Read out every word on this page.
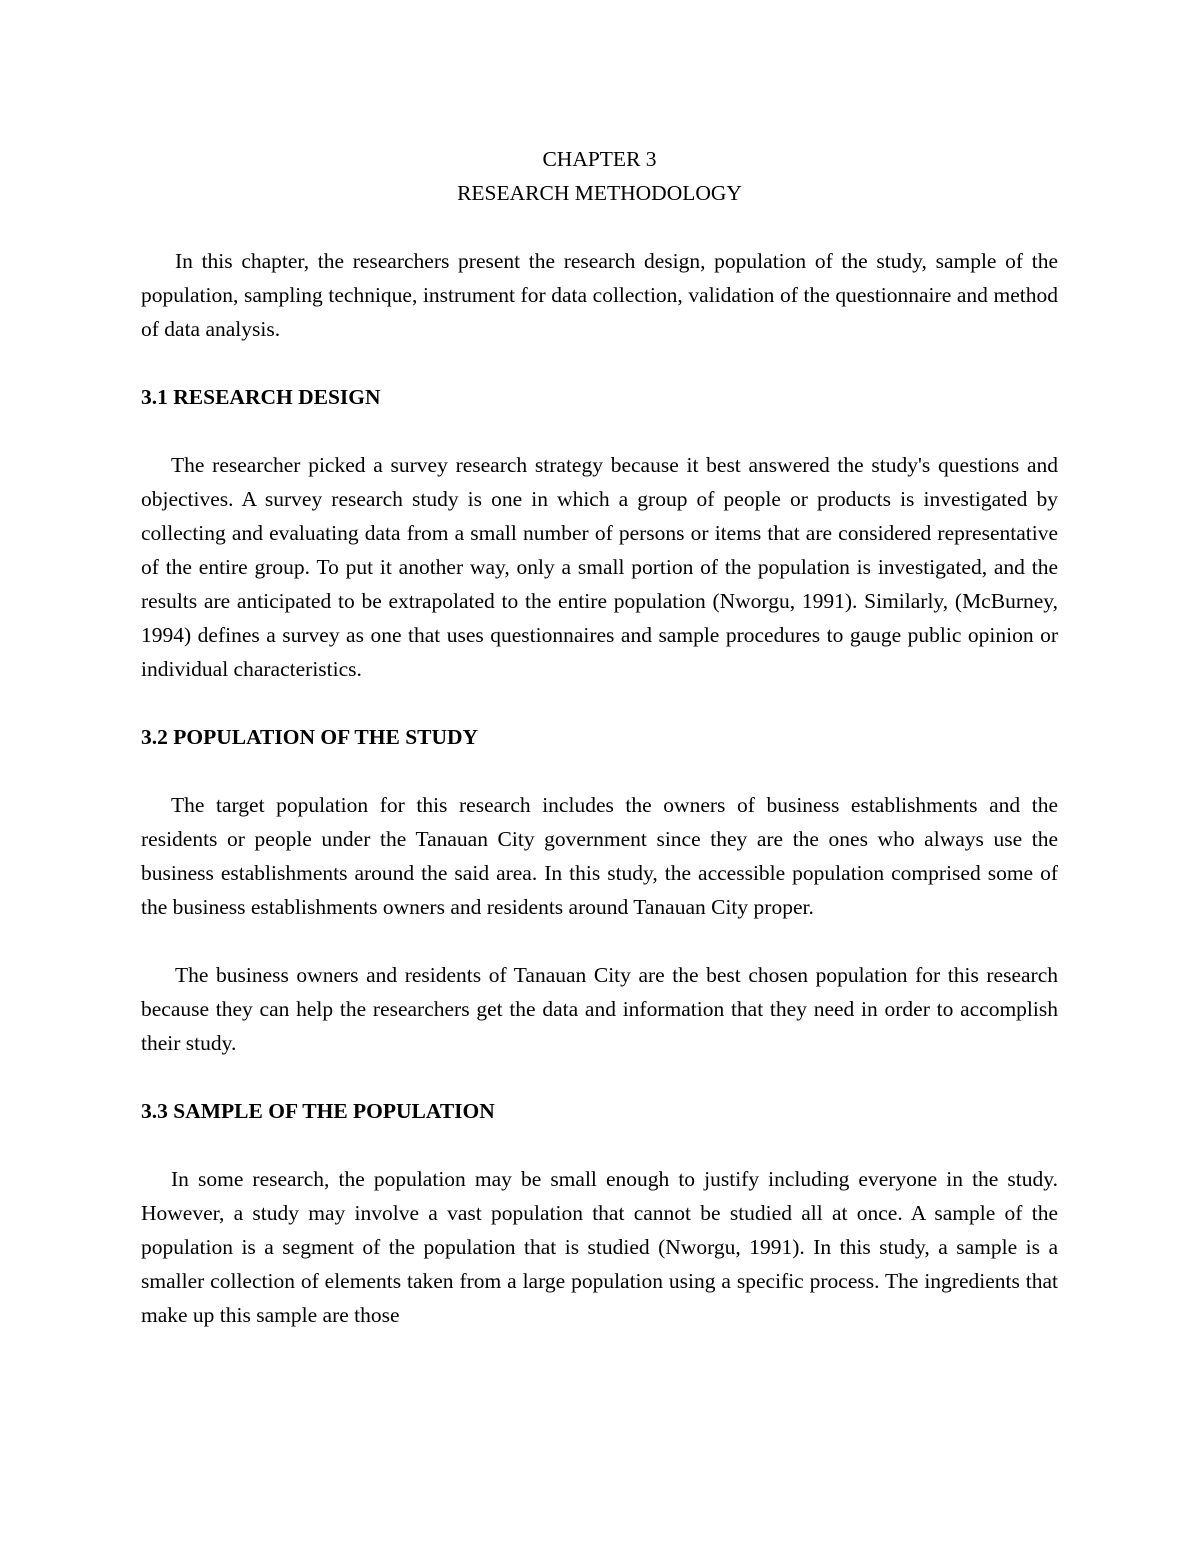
CHAPTER 3

RESEARCH METHODOLOGY

In this chapter, the researchers present the research design, population of the study, sample of the population, sampling technique, instrument for data collection, validation of the questionnaire and method of data analysis.

3.1 RESEARCH DESIGN

The researcher picked a survey research strategy because it best answered the study's questions and objectives. A survey research study is one in which a group of people or products is investigated by collecting and evaluating data from a small number of persons or items that are considered representative of the entire group. To put it another way, only a small portion of the population is investigated, and the results are anticipated to be extrapolated to the entire population (Nworgu, 1991). Similarly, (McBurney, 1994) defines a survey as one that uses questionnaires and sample procedures to gauge public opinion or individual characteristics.

3.2 POPULATION OF THE STUDY

The target population for this research includes the owners of business establishments and the residents or people under the Tanauan City government since they are the ones who always use the business establishments around the said area. In this study, the accessible population comprised some of the business establishments owners and residents around Tanauan City proper.

The business owners and residents of Tanauan City are the best chosen population for this research because they can help the researchers get the data and information that they need in order to accomplish their study.

3.3 SAMPLE OF THE POPULATION

In some research, the population may be small enough to justify including everyone in the study. However, a study may involve a vast population that cannot be studied all at once. A sample of the population is a segment of the population that is studied (Nworgu, 1991). In this study, a sample is a smaller collection of elements taken from a large population using a specific process. The ingredients that make up this sample are those
